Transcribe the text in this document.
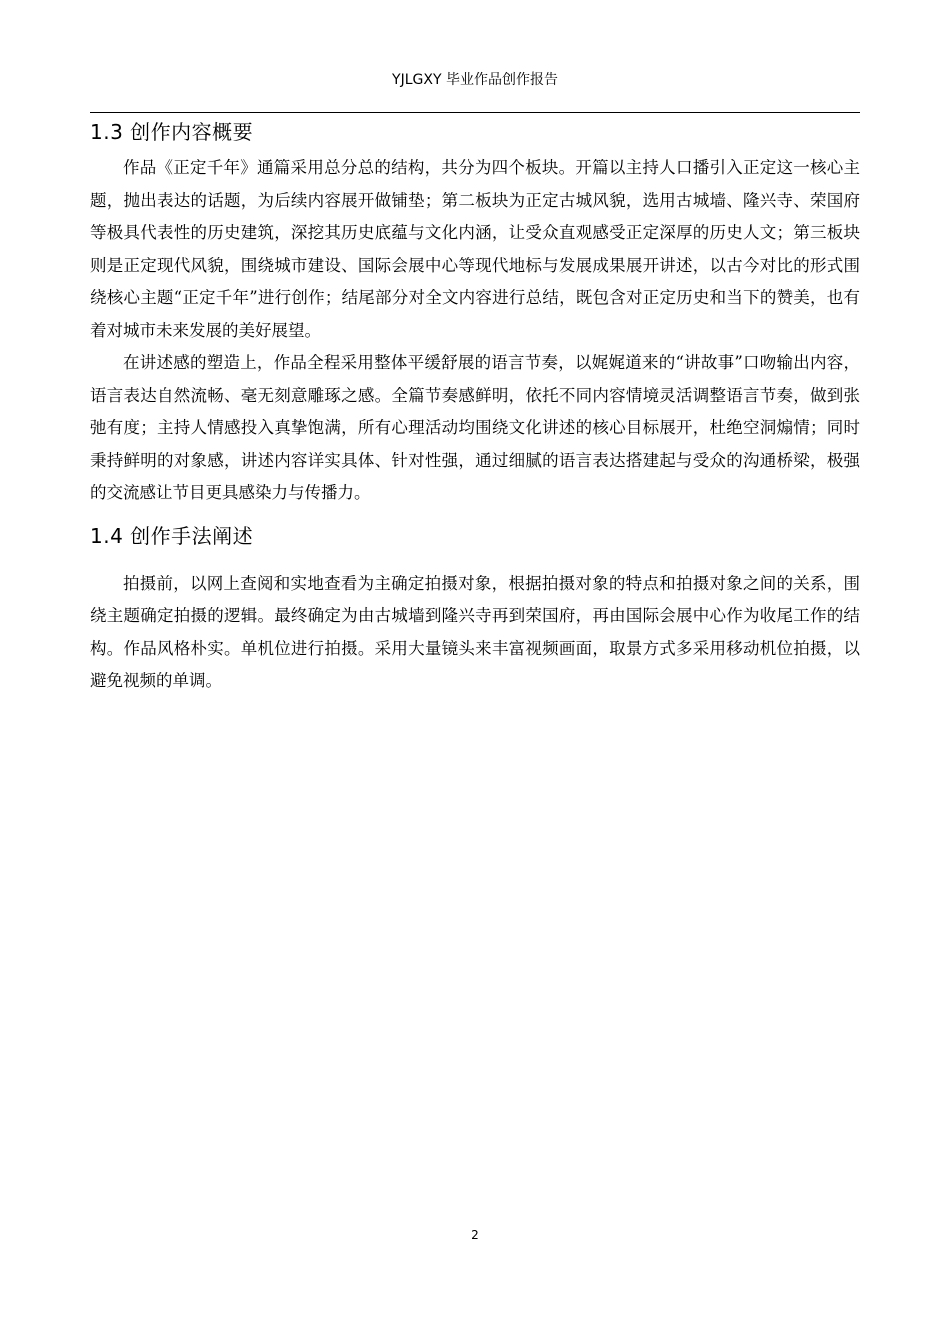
YJLGXY 毕业作品创作报告
1.3 创作内容概要

作品《正定千年》通篇采用总分总的结构，共分为四个板块。开篇以主持人口播引入正定这一核心主题，抛出表达的话题，为后续内容展开做铺垫；第二板块为正定古城风貌，选用古城墙、隆兴寺、荣国府等极具代表性的历史建筑，深挖其历史底蕴与文化内涵，让受众直观感受正定深厚的历史人文；第三板块则是正定现代风貌，围绕城市建设、国际会展中心等现代地标与发展成果展开讲述，以古今对比的形式围绕核心主题“正定千年”进行创作；结尾部分对全文内容进行总结，既包含对正定历史和当下的赞美，也有着对城市未来发展的美好展望。

在讲述感的塑造上，作品全程采用整体平缓舒展的语言节奏，以娓娓道来的“讲故事”口吻输出内容，语言表达自然流畅、毫无刻意雕琢之感。全篇节奏感鲜明，依托不同内容情境灵活调整语言节奏，做到张弛有度；主持人情感投入真挚饱满，所有心理活动均围绕文化讲述的核心目标展开，杜绝空洞煽情；同时秉持鲜明的对象感，讲述内容详实具体、针对性强，通过细腻的语言表达搭建起与受众的沟通桥梁，极强的交流感让节目更具感染力与传播力。

1.4 创作手法阐述

拍摄前，以网上查阅和实地查看为主确定拍摄对象，根据拍摄对象的特点和拍摄对象之间的关系，围绕主题确定拍摄的逻辑。最终确定为由古城墙到隆兴寺再到荣国府，再由国际会展中心作为收尾工作的结构。作品风格朴实。单机位进行拍摄。采用大量镜头来丰富视频画面，取景方式多采用移动机位拍摄，以避免视频的单调。

2
